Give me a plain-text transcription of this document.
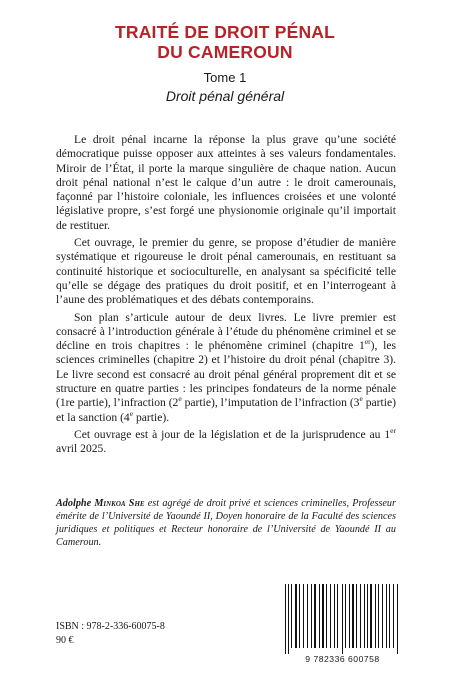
TRAITÉ DE DROIT PÉNAL
DU CAMEROUN
Tome 1
Droit pénal général

Le droit pénal incarne la réponse la plus grave qu’une société démocratique puisse opposer aux atteintes à ses valeurs fondamentales. Miroir de l’État, il porte la marque singulière de chaque nation. Aucun droit pénal national n’est le calque d’un autre : le droit camerounais, façonné par l’histoire coloniale, les influences croisées et une volonté législative propre, s’est forgé une physionomie originale qu’il importait de restituer.

Cet ouvrage, le premier du genre, se propose d’étudier de manière systématique et rigoureuse le droit pénal camerounais, en restituant sa continuité historique et socioculturelle, en analysant sa spécificité telle qu’elle se dégage des pratiques du droit positif, et en l’interrogeant à l’aune des problématiques et des débats contemporains.

Son plan s’articule autour de deux livres. Le livre premier est consacré à l’introduction générale à l’étude du phénomène criminel et se décline en trois chapitres : le phénomène criminel (chapitre 1er), les sciences criminelles (chapitre 2) et l’histoire du droit pénal (chapitre 3). Le livre second est consacré au droit pénal général proprement dit et se structure en quatre parties : les principes fondateurs de la norme pénale (1re partie), l’infraction (2e partie), l’imputation de l’infraction (3e partie) et la sanction (4e partie).

Cet ouvrage est à jour de la législation et de la jurisprudence au 1er avril 2025.

Adolphe Minkoa She est agrégé de droit privé et sciences criminelles, Professeur émérite de l’Université de Yaoundé II, Doyen honoraire de la Faculté des sciences juridiques et politiques et Recteur honoraire de l’Université de Yaoundé II au Cameroun.
ISBN : 978-2-336-60075-8
90 €
9 782336 600758
